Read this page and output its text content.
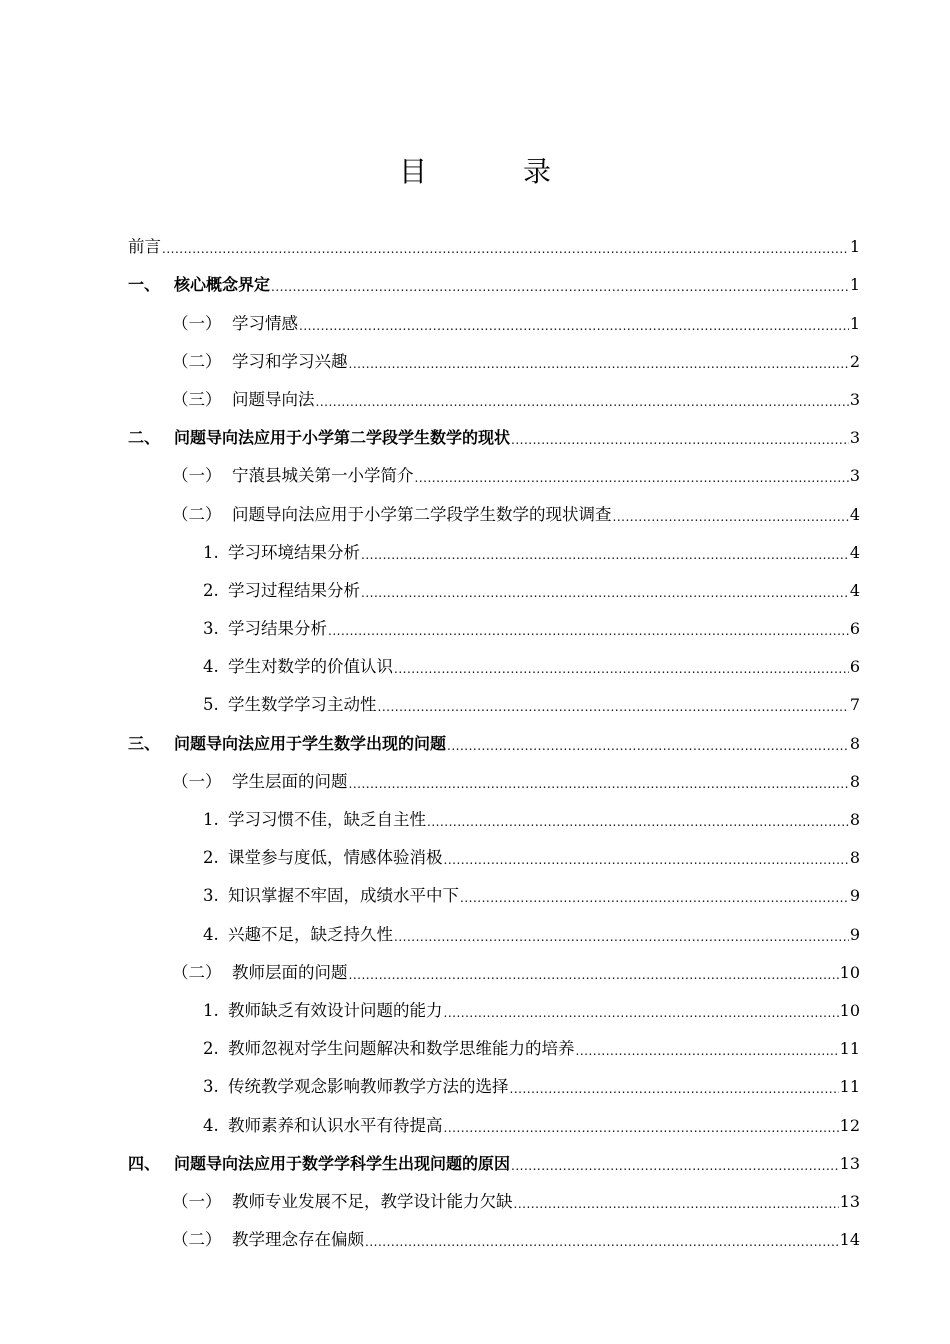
目　录
前言 .....	1
一、 核心概念界定 .....	1
（一） 学习情感 .....	1
（二） 学习和学习兴趣 .....	2
（三） 问题导向法 .....	3
二、 问题导向法应用于小学第二学段学生数学的现状 .....	3
（一） 宁蒗县城关第一小学简介 .....	3
（二） 问题导向法应用于小学第二学段学生数学的现状调查 .....	4
1. 学习环境结果分析 .....	4
2. 学习过程结果分析 .....	4
3. 学习结果分析 .....	6
4. 学生对数学的价值认识 .....	6
5. 学生数学学习主动性 .....	7
三、 问题导向法应用于学生数学出现的问题 .....	8
（一） 学生层面的问题 .....	8
1. 学习习惯不佳，缺乏自主性 .....	8
2. 课堂参与度低，情感体验消极 .....	8
3. 知识掌握不牢固，成绩水平中下 .....	9
4. 兴趣不足，缺乏持久性 .....	9
（二） 教师层面的问题 .....	10
1. 教师缺乏有效设计问题的能力 .....	10
2. 教师忽视对学生问题解决和数学思维能力的培养 .....	11
3. 传统教学观念影响教师教学方法的选择 .....	11
4. 教师素养和认识水平有待提高 .....	12
四、 问题导向法应用于数学学科学生出现问题的原因 .....	13
（一） 教师专业发展不足，教学设计能力欠缺 .....	13
（二） 教学理念存在偏颇 .....	14
